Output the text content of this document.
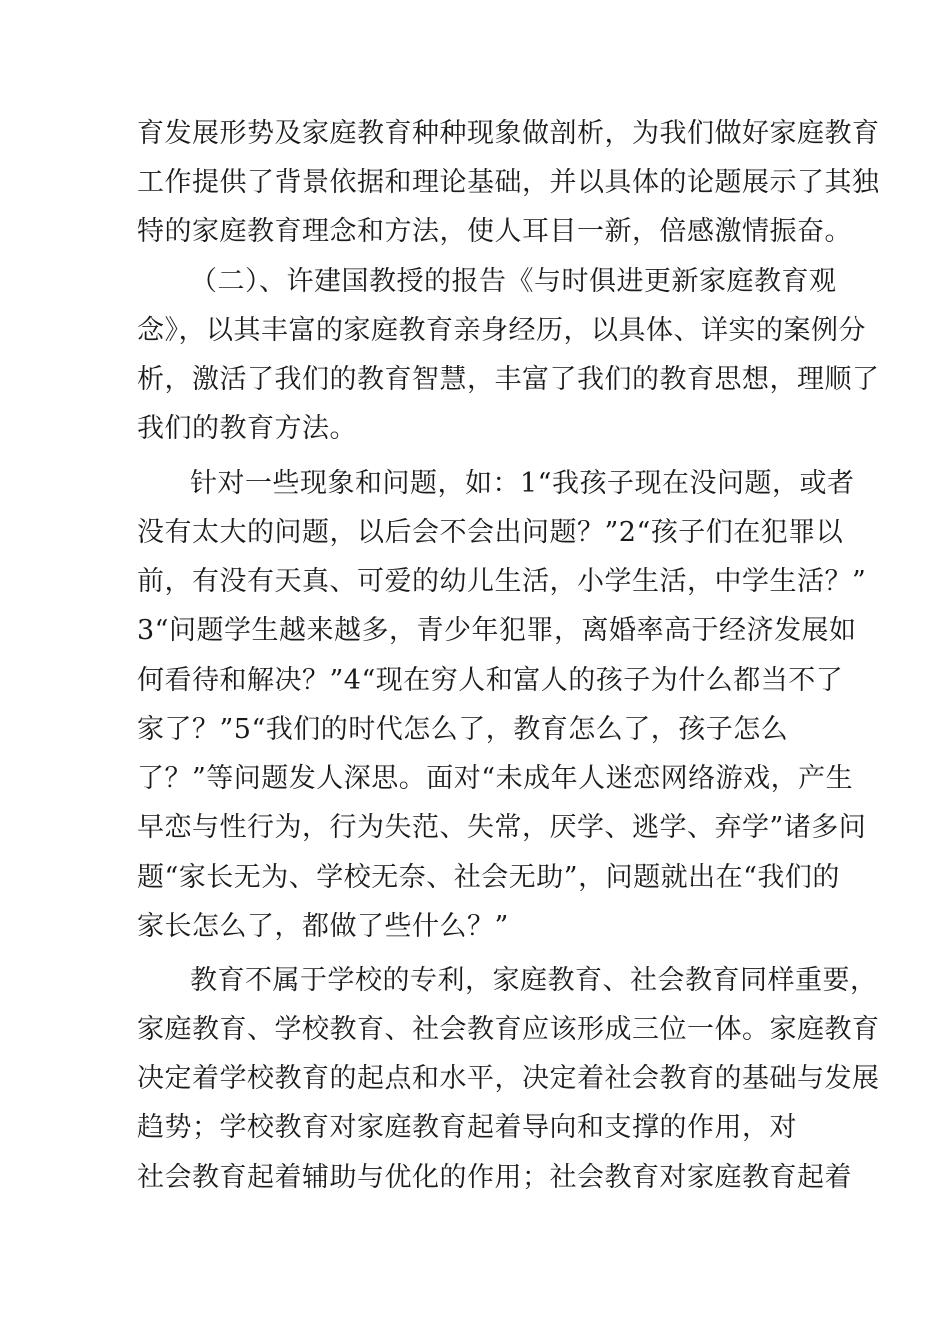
育发展形势及家庭教育种种现象做剖析，为我们做好家庭教育
工作提供了背景依据和理论基础，并以具体的论题展示了其独
特的家庭教育理念和方法，使人耳目一新，倍感激情振奋。
（二）、许建国教授的报告《与时俱进更新家庭教育观
念》，以其丰富的家庭教育亲身经历，以具体、详实的案例分
析，激活了我们的教育智慧，丰富了我们的教育思想，理顺了
我们的教育方法。
针对一些现象和问题，如：1“我孩子现在没问题，或者
没有太大的问题，以后会不会出问题？”2“孩子们在犯罪以
前，有没有天真、可爱的幼儿生活，小学生活，中学生活？”
3“问题学生越来越多，青少年犯罪，离婚率高于经济发展如
何看待和解决？”4“现在穷人和富人的孩子为什么都当不了
家了？”5“我们的时代怎么了，教育怎么了，孩子怎么
了？”等问题发人深思。面对“未成年人迷恋网络游戏，产生
早恋与性行为，行为失范、失常，厌学、逃学、弃学”诸多问
题“家长无为、学校无奈、社会无助”，问题就出在“我们的
家长怎么了，都做了些什么？”
教育不属于学校的专利，家庭教育、社会教育同样重要，
家庭教育、学校教育、社会教育应该形成三位一体。家庭教育
决定着学校教育的起点和水平，决定着社会教育的基础与发展
趋势；学校教育对家庭教育起着导向和支撑的作用，对
社会教育起着辅助与优化的作用；社会教育对家庭教育起着
